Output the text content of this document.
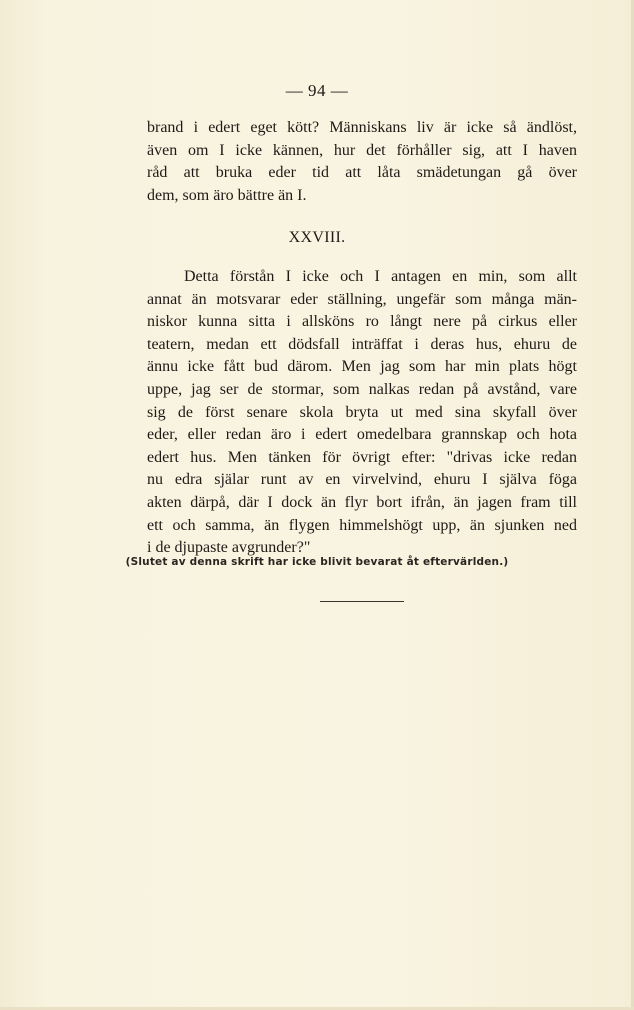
— 94 —
brand i edert eget kött? Människans liv är icke så ändlöst,
även om I icke kännen, hur det förhåller sig, att I haven
råd att bruka eder tid att låta smädetungan gå över
dem, som äro bättre än I.
XXVIII.
Detta förstån I icke och I antagen en min, som allt
annat än motsvarar eder ställning, ungefär som många män-
niskor kunna sitta i allsköns ro långt nere på cirkus eller
teatern, medan ett dödsfall inträffat i deras hus, ehuru de
ännu icke fått bud därom. Men jag som har min plats högt
uppe, jag ser de stormar, som nalkas redan på avstånd, vare
sig de först senare skola bryta ut med sina skyfall över
eder, eller redan äro i edert omedelbara grannskap och hota
edert hus. Men tänken för övrigt efter: "drivas icke redan
nu edra själar runt av en virvelvind, ehuru I själva föga
akten därpå, där I dock än flyr bort ifrån, än jagen fram till
ett och samma, än flygen himmelshögt upp, än sjunken ned
i de djupaste avgrunder?"
(Slutet av denna skrift har icke blivit bevarat åt eftervärlden.)
